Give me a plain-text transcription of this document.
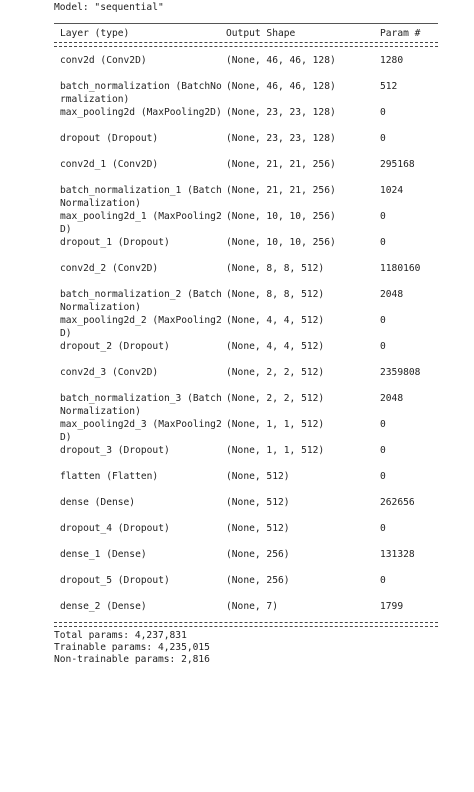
Model: "sequential"
Layer (type)	Output Shape	Param #
conv2d (Conv2D)	(None, 46, 46, 128)	1280
batch_normalization (BatchNormalization)
(None, 46, 46, 128)	512
max_pooling2d (MaxPooling2D) (None, 23, 23, 128)	0
dropout (Dropout)	(None, 23, 23, 128)	0
conv2d_1 (Conv2D)	(None, 21, 21, 256)	295168
batch_normalization_1 (BatchNormalization)
(None, 21, 21, 256)	1024
max_pooling2d_1 (MaxPooling2D)
(None, 10, 10, 256)	0
dropout_1 (Dropout)	(None, 10, 10, 256)	0
conv2d_2 (Conv2D)	(None, 8, 8, 512)	1180160
batch_normalization_2 (BatchNormalization)
(None, 8, 8, 512)	2048
max_pooling2d_2 (MaxPooling2D)
(None, 4, 4, 512)	0
dropout_2 (Dropout)	(None, 4, 4, 512)	0
conv2d_3 (Conv2D)	(None, 2, 2, 512)	2359808
batch_normalization_3 (BatchNormalization)
(None, 2, 2, 512)	2048
max_pooling2d_3 (MaxPooling2D)
(None, 1, 1, 512)	0
dropout_3 (Dropout)	(None, 1, 1, 512)	0
flatten (Flatten)	(None, 512)	0
dense (Dense)	(None, 512)	262656
dropout_4 (Dropout)	(None, 512)	0
dense_1 (Dense)	(None, 256)	131328
dropout_5 (Dropout)	(None, 256)	0
dense_2 (Dense)	(None, 7)	1799
Total params: 4,237,831
Trainable params: 4,235,015
Non-trainable params: 2,816
